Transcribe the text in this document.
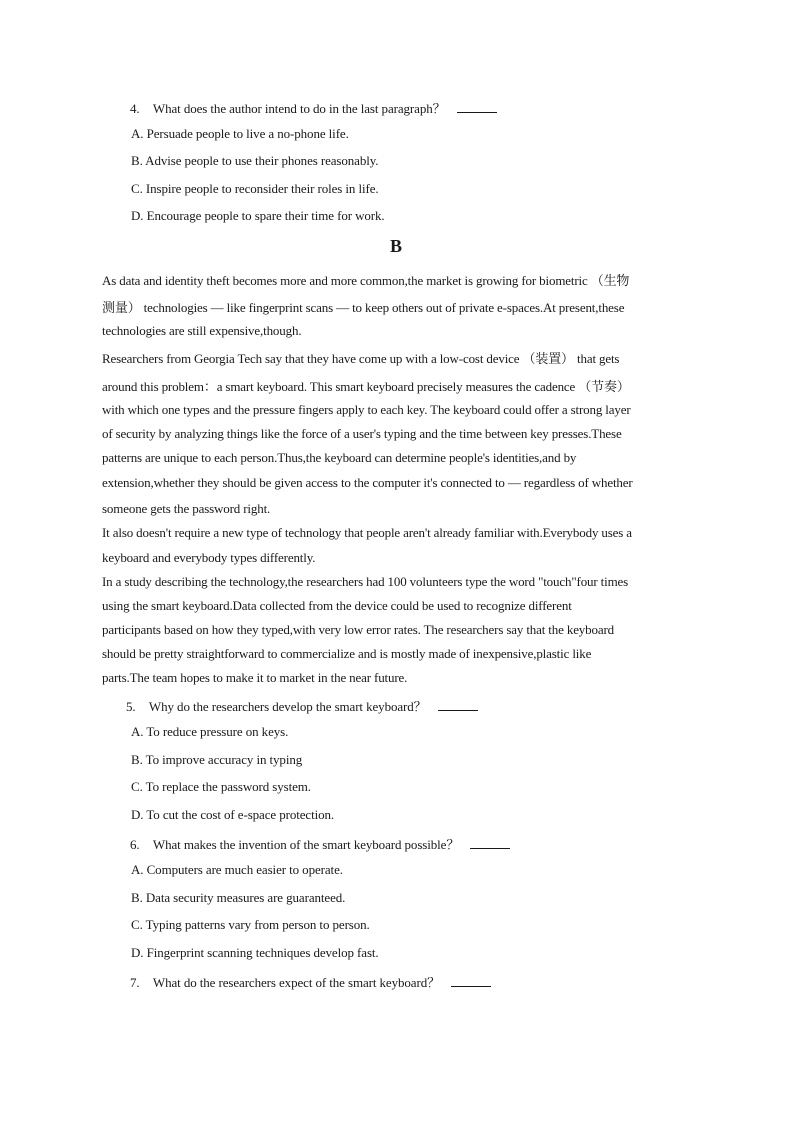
4. What does the author intend to do in the last paragraph？
A. Persuade people to live a no-phone life.
B. Advise people to use their phones reasonably.
C. Inspire people to reconsider their roles in life.
D. Encourage people to spare their time for work.
B
As data and identity theft becomes more and more common,the market is growing for biometric （生物
测量） technologies — like fingerprint scans — to keep others out of private e-spaces.At present,these
technologies are still expensive,though.
Researchers from Georgia Tech say that they have come up with a low-cost device （装置） that gets
around this problem：a smart keyboard. This smart keyboard precisely measures the cadence （节奏）
with which one types and the pressure fingers apply to each key. The keyboard could offer a strong layer
of security by analyzing things like the force of a user's typing and the time between key presses.These
patterns are unique to each person.Thus,the keyboard can determine people's identities,and by
extension,whether they should be given access to the computer it's connected to — regardless of whether
someone gets the password right.
It also doesn't require a new type of technology that people aren't already familiar with.Everybody uses a
keyboard and everybody types differently.
In a study describing the technology,the researchers had 100 volunteers type the word "touch"four times
using the smart keyboard.Data collected from the device could be used to recognize different
participants based on how they typed,with very low error rates. The researchers say that the keyboard
should be pretty straightforward to commercialize and is mostly made of inexpensive,plastic like
parts.The team hopes to make it to market in the near future.
5. Why do the researchers develop the smart keyboard？
A. To reduce pressure on keys.
B. To improve accuracy in typing
C. To replace the password system.
D. To cut the cost of e-space protection.
6. What makes the invention of the smart keyboard possible？
A. Computers are much easier to operate.
B. Data security measures are guaranteed.
C. Typing patterns vary from person to person.
D. Fingerprint scanning techniques develop fast.
7. What do the researchers expect of the smart keyboard？
